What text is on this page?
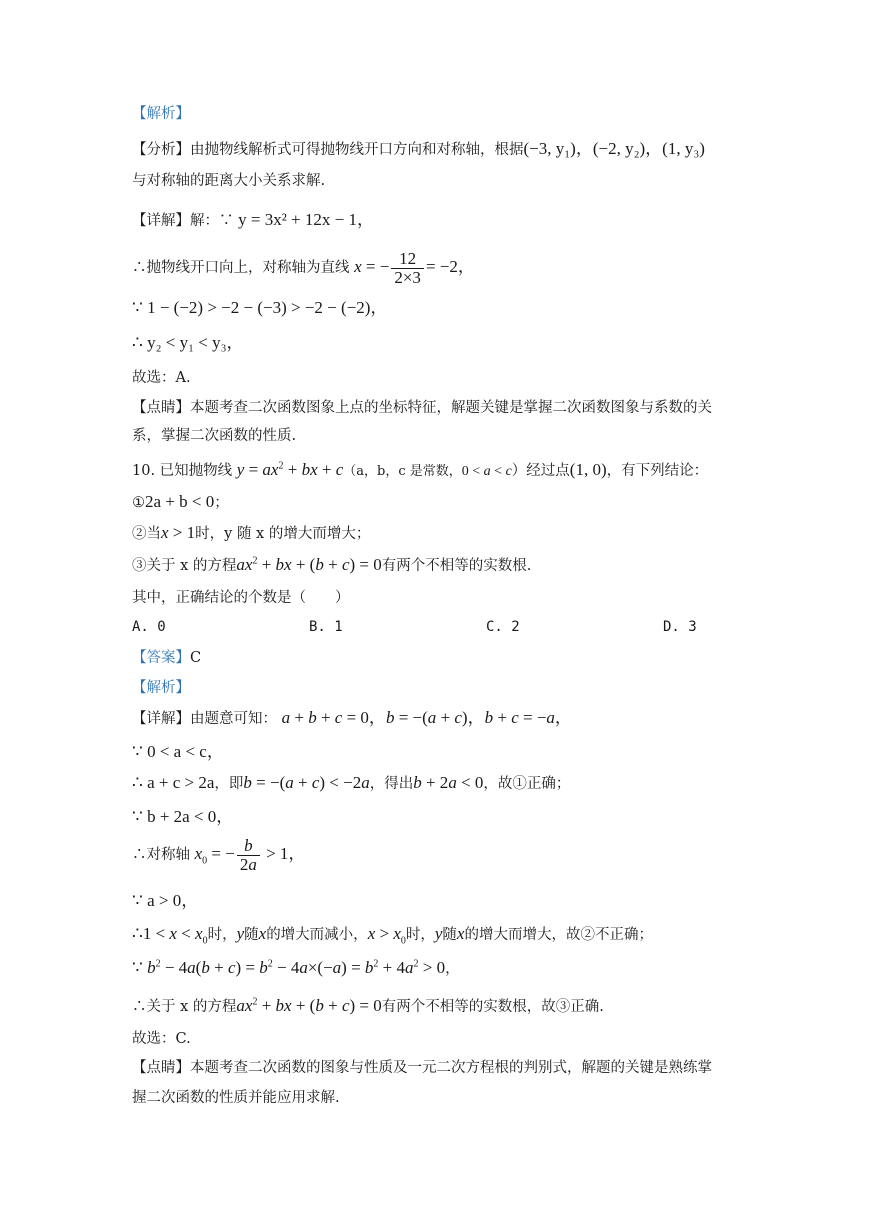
【解析】
【分析】由抛物线解析式可得抛物线开口方向和对称轴，根据(−3, y₁)，(−2, y₂)，(1, y₃)
与对称轴的距离大小关系求解.
【详解】解：∵ y = 3x² + 12x − 1，
∴抛物线开口向上，对称轴为直线 x = − $\frac{12}{2\times 3} = -2$，
∵ 1 − (−2) > −2 − (−3) > −2 − (−2)，
∴ y₂ < y₁ < y₃，
故选：A.
【点睛】本题考查二次函数图象上点的坐标特征，解题关键是掌握二次函数图象与系数的关
系，掌握二次函数的性质.
10. 已知抛物线 $y = ax^2$ + bx + c（a，b，c 是常数，0 < a < c）经过点(1, 0)，有下列结论：
①2a + b < 0；
②当x > 1时，y 随 x 的增大而增大；
③关于 x 的方程$ax^2$ + bx + (b + c) = 0有两个不相等的实数根.
其中，正确结论的个数是（　　）
A. 0	B. 1	C. 2	D. 3
【答案】C
【解析】
【详解】由题意可知： a + b + c = 0，b = −(a + c)，b + c = −a，
∵ 0 < a < c，
∴ a + c > 2a，即b = −(a + c) < −2a，得出b + 2a < 0，故①正确；
∵ b + 2a < 0，
∴对称轴 $x_0$ = − $\frac{b}{2a} > 1$，
∵ a > 0，
∴1 < $x < x_0$时，y随x的增大而减小，$x > x_0$时，y随x的增大而增大，故②不正确；
∵ $b^2 - 4a(b + c) = b^2 - 4a\times(-a) = b^2 + 4a^2 > 0$，
∴关于 x 的方程$ax^2$ + bx + (b + c) = 0有两个不相等的实数根，故③正确.
故选：C.
【点睛】本题考查二次函数的图象与性质及一元二次方程根的判别式，解题的关键是熟练掌
握二次函数的性质并能应用求解.
